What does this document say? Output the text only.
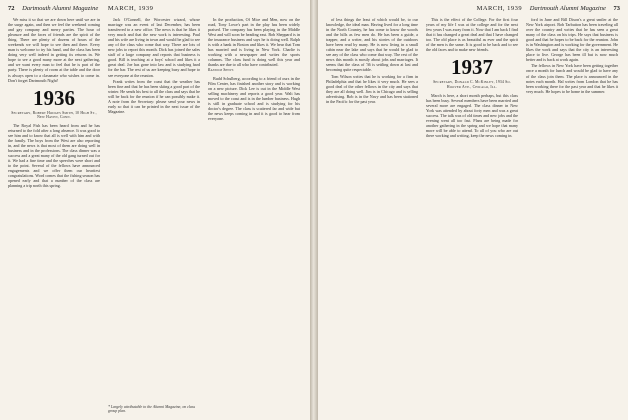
72 Dartmouth Alumni Magazine MARCH, 1939

We miss it so that we are down here until we are in the surge again, and then we feel the weekend coming and gay company and merry parties. The hour of pleasure and the faces of friends are the spirit of the thing. There are plenty of dozens of hours of the weekends we will hope to see then and there. Every man is welcome to try his hand, and the class has been doing very well indeed in getting its returns in. We hope to see a good many more at the next gathering, and we want every man to feel that he is part of the party. There is plenty of room at the table and the door is always open to a classmate who wishes to come in. Don't forget Dartmouth Night!

1936
Secretary, Robert Hodges Smith, 10 High St., New Haven, Conn.

The Royal Fish has been heard from and he has returned to the fold after a long absence. It was good to see him and to know that all is well with him and with the family. The boys from the West are also reporting in, and the news is that most of them are doing well in business and in the professions. The class dinner was a success and a great many of the old gang turned out for it. We had a fine time and the speeches were short and to the point. Several of the fellows have announced engagements and we offer them our heartiest congratulations. Word comes that the fishing season has opened early and that a number of the class are planning a trip north this spring.

Jack O'Connell, the Worcester wizard, whose marriage was an event of last December, has been transferred to a new office. The news is that he likes it very much and that the new work is interesting. Paul and his wife are living in town and would be glad to see any of the class who come that way. There are lots of new jobs to report this month. Dick has joined the sales staff of a large company and reports that business is good. Bill is teaching at a boys' school and likes it a great deal. Joe has gone into law and is studying hard for the bar. The rest of us are keeping busy and hope to see everyone at the reunion.

Frank writes from the coast that the weather has been fine and that he has been skiing a good part of the winter. He sends his best to all the class and says that he will be back for the reunion if he can possibly make it. A note from the Secretary: please send your news in early so that it can be printed in the next issue of the Magazine.

In the production, Of Mice and Men, now on the road, Tony Lowe's part in the play has been widely praised. The company has been playing in the Middle West and will soon be heading east. Bob Sheppard is in the insurance business and says he is doing well. Ralph is with a bank in Boston and likes it. We hear that Tom has married and is living in New York. Charlie is working with a newspaper and writes the sports columns. The class fund is doing well this year and thanks are due to all who have contributed.

Random Shots

Budd Schulberg, according to a friend of ours in the Film Center, has finished another story and is working on a new picture. Dick Lee is out in the Middle West selling machinery and reports a good year. Walt has moved to the coast and is in the lumber business. Hugh is still in graduate school and is studying for his doctor's degree. The class is scattered far and wide but the news keeps coming in and it is good to hear from everyone.

* Largely attributable to the Alumni Magazine, on class group plan.
MARCH, 1939 Dartmouth Alumni Magazine 73

of less things the least of which would be, to our knowledge, the ideal man. Having lived for a long time in the North Country, he has come to know the woods and the hills as few men do. He has been a guide, a trapper, and a writer, and his stories of the outdoors have been read by many. He is now living in a small cabin near the lake and says that he would be glad to see any of the class who come that way. The rest of the news this month is mostly about jobs and marriages. It seems that the class of '36 is settling down at last and becoming quite respectable.

Tom Wilson writes that he is working for a firm in Philadelphia and that he likes it very much. He sees a good deal of the other fellows in the city and says that they are all doing well. Jim is in Chicago and is selling advertising. Bob is in the Navy and has been stationed in the Pacific for the past year.

This is the effect of the College. For the first four years of my life I was at the college and for the next few years I was away from it. Now that I am back I find that it has changed a great deal and that I have changed too. The old place is as beautiful as ever and the spirit of the men is the same. It is good to be back and to see the old faces and to make new friends.

1937
Secretary, Donald C. McKinley, 1934 So. Hoover Ave., Chicago, Ill.

March is here, a short month perhaps, but this class has been busy. Several members have been married and several more are engaged. The class dinner in New York was attended by about forty men and was a great success. The talk was of old times and new jobs and the evening went all too fast. Plans are being made for another gathering in the spring and we hope that many more will be able to attend. To all of you who are out there working and writing, keep the news coming in.

ford in June and Bill Dixon's a great smiler at the New York airport. Bob Tarbutton has been traveling all over the country and writes that he has seen a great many of the class on his trips. He says that business is good and that he hopes to be back for the reunion. John is in Washington and is working for the government. He likes the work and says that the city is an interesting place to live. George has been ill but is now much better and is back at work again.

The fellows in New York have been getting together once a month for lunch and would be glad to have any of the class join them. The place is announced in the notes each month. Hal writes from London that he has been working there for the past year and that he likes it very much. He hopes to be home in the summer.
